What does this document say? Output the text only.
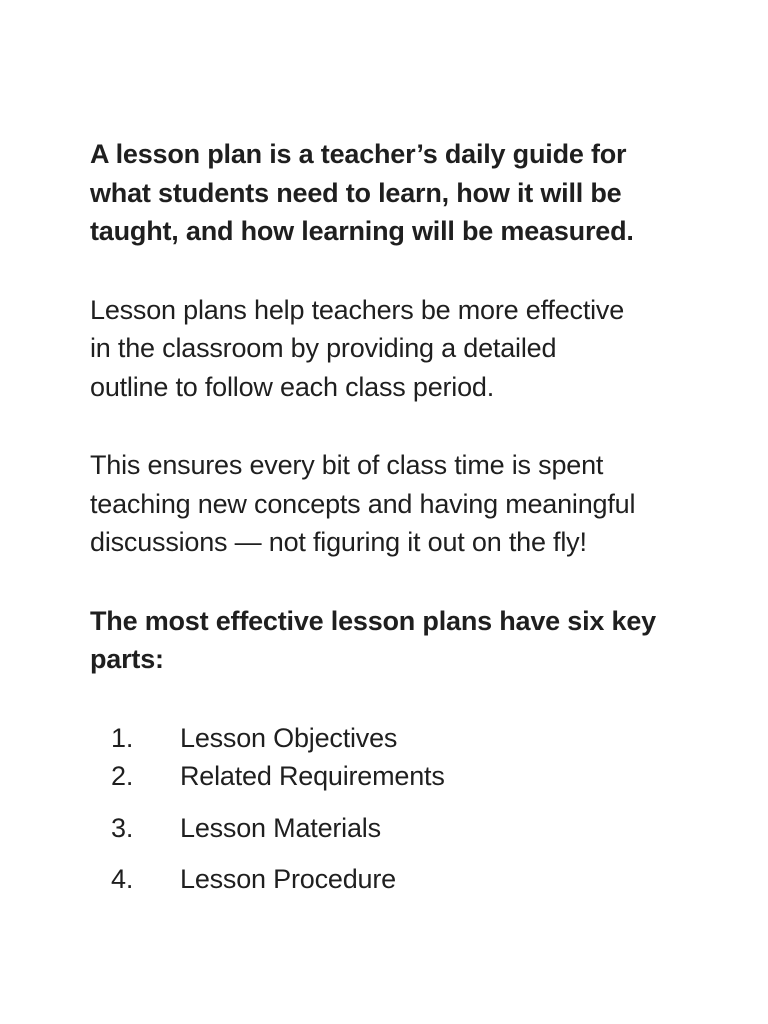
A lesson plan is a teacher’s daily guide for
what students need to learn, how it will be
taught, and how learning will be measured.

Lesson plans help teachers be more effective
in the classroom by providing a detailed
outline to follow each class period.

This ensures every bit of class time is spent
teaching new concepts and having meaningful
discussions — not figuring it out on the fly!

The most effective lesson plans have six key
parts:

1.	Lesson Objectives
2.	Related Requirements
3.	Lesson Materials
4.	Lesson Procedure
